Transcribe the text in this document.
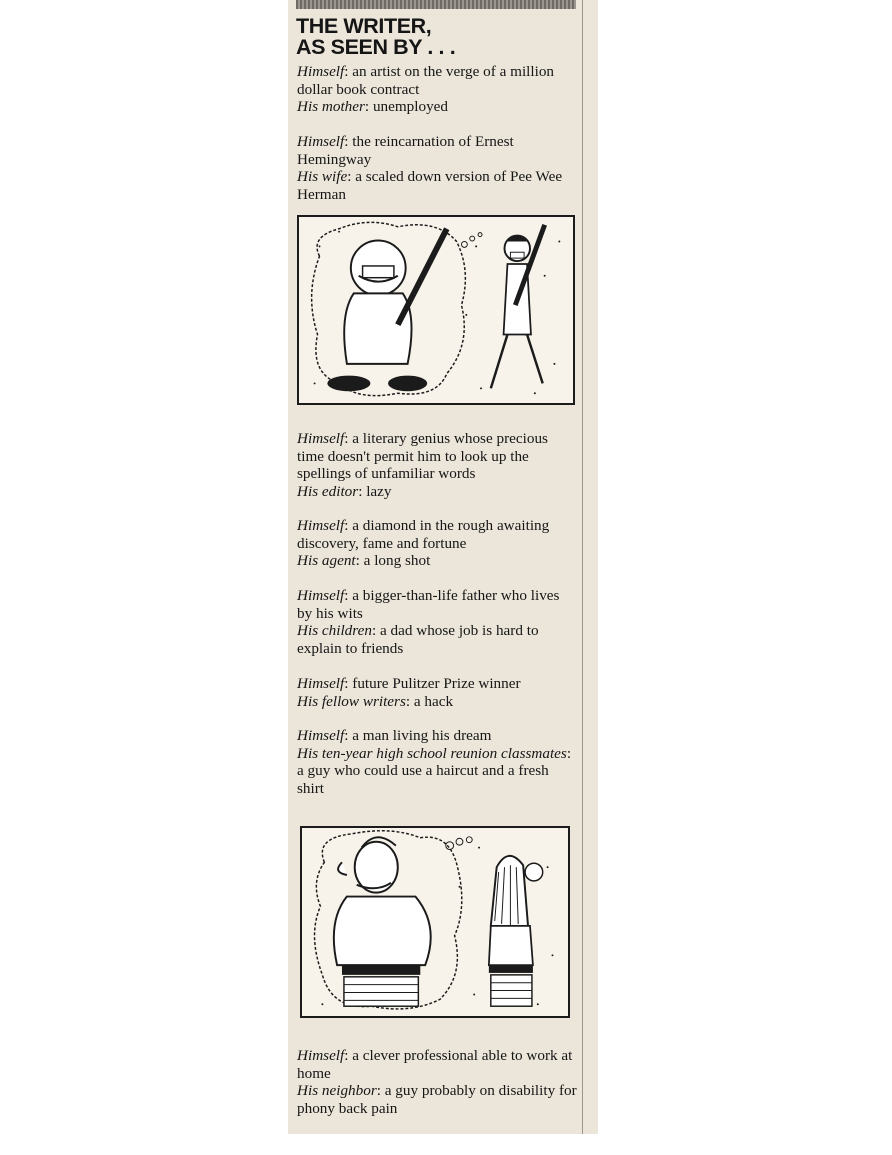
THE WRITER,
AS SEEN BY . . .

Himself: an artist on the verge of a million dollar book contract

His mother: unemployed

Himself: the reincarnation of Ernest Hemingway

His wife: a scaled down version of Pee Wee Herman

Himself: a literary genius whose precious time doesn't permit him to look up the spellings of unfamiliar words

His editor: lazy

Himself: a diamond in the rough awaiting discovery, fame and fortune

His agent: a long shot

Himself: a bigger-than-life father who lives by his wits

His children: a dad whose job is hard to explain to friends

Himself: future Pulitzer Prize winner

His fellow writers: a hack

Himself: a man living his dream

His ten-year high school reunion classmates: a guy who could use a haircut and a fresh shirt

Himself: a clever professional able to work at home

His neighbor: a guy probably on disability for phony back pain
